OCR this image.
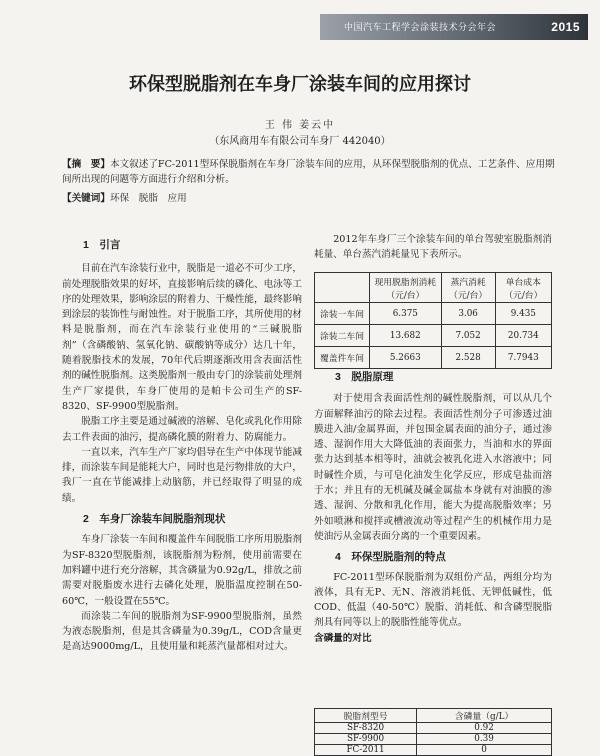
中国汽车工程学会涂装技术分会年会	2015
环保型脱脂剂在车身厂涂装车间的应用探讨
王 伟 姜云中
（东风商用车有限公司车身厂 442040）
【摘　要】本文叙述了FC-2011型环保脱脂剂在车身厂涂装车间的应用，从环保型脱脂剂的优点、工艺条件、应用期间所出现的问题等方面进行介绍和分析。
【关键词】环保　脱脂　应用

1　引言

目前在汽车涂装行业中，脱脂是一道必不可少工序，前处理脱脂效果的好坏，直接影响后续的磷化、电泳等工序的处理效果，影响涂层的附着力、干燥性能，最终影响到涂层的装饰性与耐蚀性。对于脱脂工序，其所使用的材料是脱脂剂，而在汽车涂装行业使用的“三碱脱脂剂”（含磷酸钠、氢氧化钠、碳酸钠等成分）达几十年，随着脱脂技术的发展，70年代后期逐渐改用含表面活性剂的碱性脱脂剂。这类脱脂剂一般由专门的涂装前处理剂生产厂家提供，车身厂使用的是帕卡公司生产的SF-8320、SF-9900型脱脂剂。

脱脂工序主要是通过碱液的溶解、皂化或乳化作用除去工件表面的油污，提高磷化膜的附着力、防腐能力。

一直以来，汽车生产厂家均倡导在生产中体现节能减排，而涂装车间是能耗大户，同时也是污物排放的大户，我厂一直在节能减排上动脑筋，并已经取得了明显的成绩。

2　车身厂涂装车间脱脂剂现状

车身厂涂装一车间和覆盖件车间脱脂工序所用脱脂剂为SF-8320型脱脂剂，该脱脂剂为粉剂，使用前需要在加料罐中进行充分溶解，其含磷量为0.92g/L，排放之前需要对脱脂废水进行去磷化处理，脱脂温度控制在50-60℃，一般设置在55℃。

而涂装二车间的脱脂剂为SF-9900型脱脂剂，虽然为液态脱脂剂，但是其含磷量为0.39g/L，COD含量更是高达9000mg/L，且使用量和耗蒸汽量都相对过大。

2012年车身厂三个涂装车间的单台驾驶室脱脂剂消耗量、单台蒸汽消耗量见下表所示。

	现用脱脂剂消耗（元/台）	蒸汽消耗（元/台）	单台成本（元/台）
涂装一车间	6.375	3.06	9.435
涂装二车间	13.682	7.052	20.734
覆盖件车间	5.2663	2.528	7.7943

3　脱脂原理

对于使用含表面活性剂的碱性脱脂剂，可以从几个方面解释油污的除去过程。表面活性剂分子可渗透过油膜进入油/金属界面，并包围金属表面的油分子，通过渗透、湿润作用大大降低油的表面张力，当油和水的界面张力达到基本相等时，油就会被乳化进入水溶液中；同时碱性介质，与可皂化油发生化学反应，形成皂盐而溶于水；并且有的无机碱及碱金属盐本身就有对油膜的渗透、湿润、分散和乳化作用，能大为提高脱脂效率；另外如喷淋和搅拌或槽液流动等过程产生的机械作用力是使油污从金属表面分离的一个重要因素。

4　环保型脱脂剂的特点

FC-2011型环保脱脂剂为双组份产品，两组分均为液体，具有无P、无N、溶液消耗低、无钾低碱性，低COD、低温（40-50℃）脱脂、消耗低、和含磷型脱脂剂具有同等以上的脱脂性能等优点。

含磷量的对比

脱脂剂型号	含磷量（g/L）
SF-8320	0.92
SF-9900	0.39
FC-2011	0
